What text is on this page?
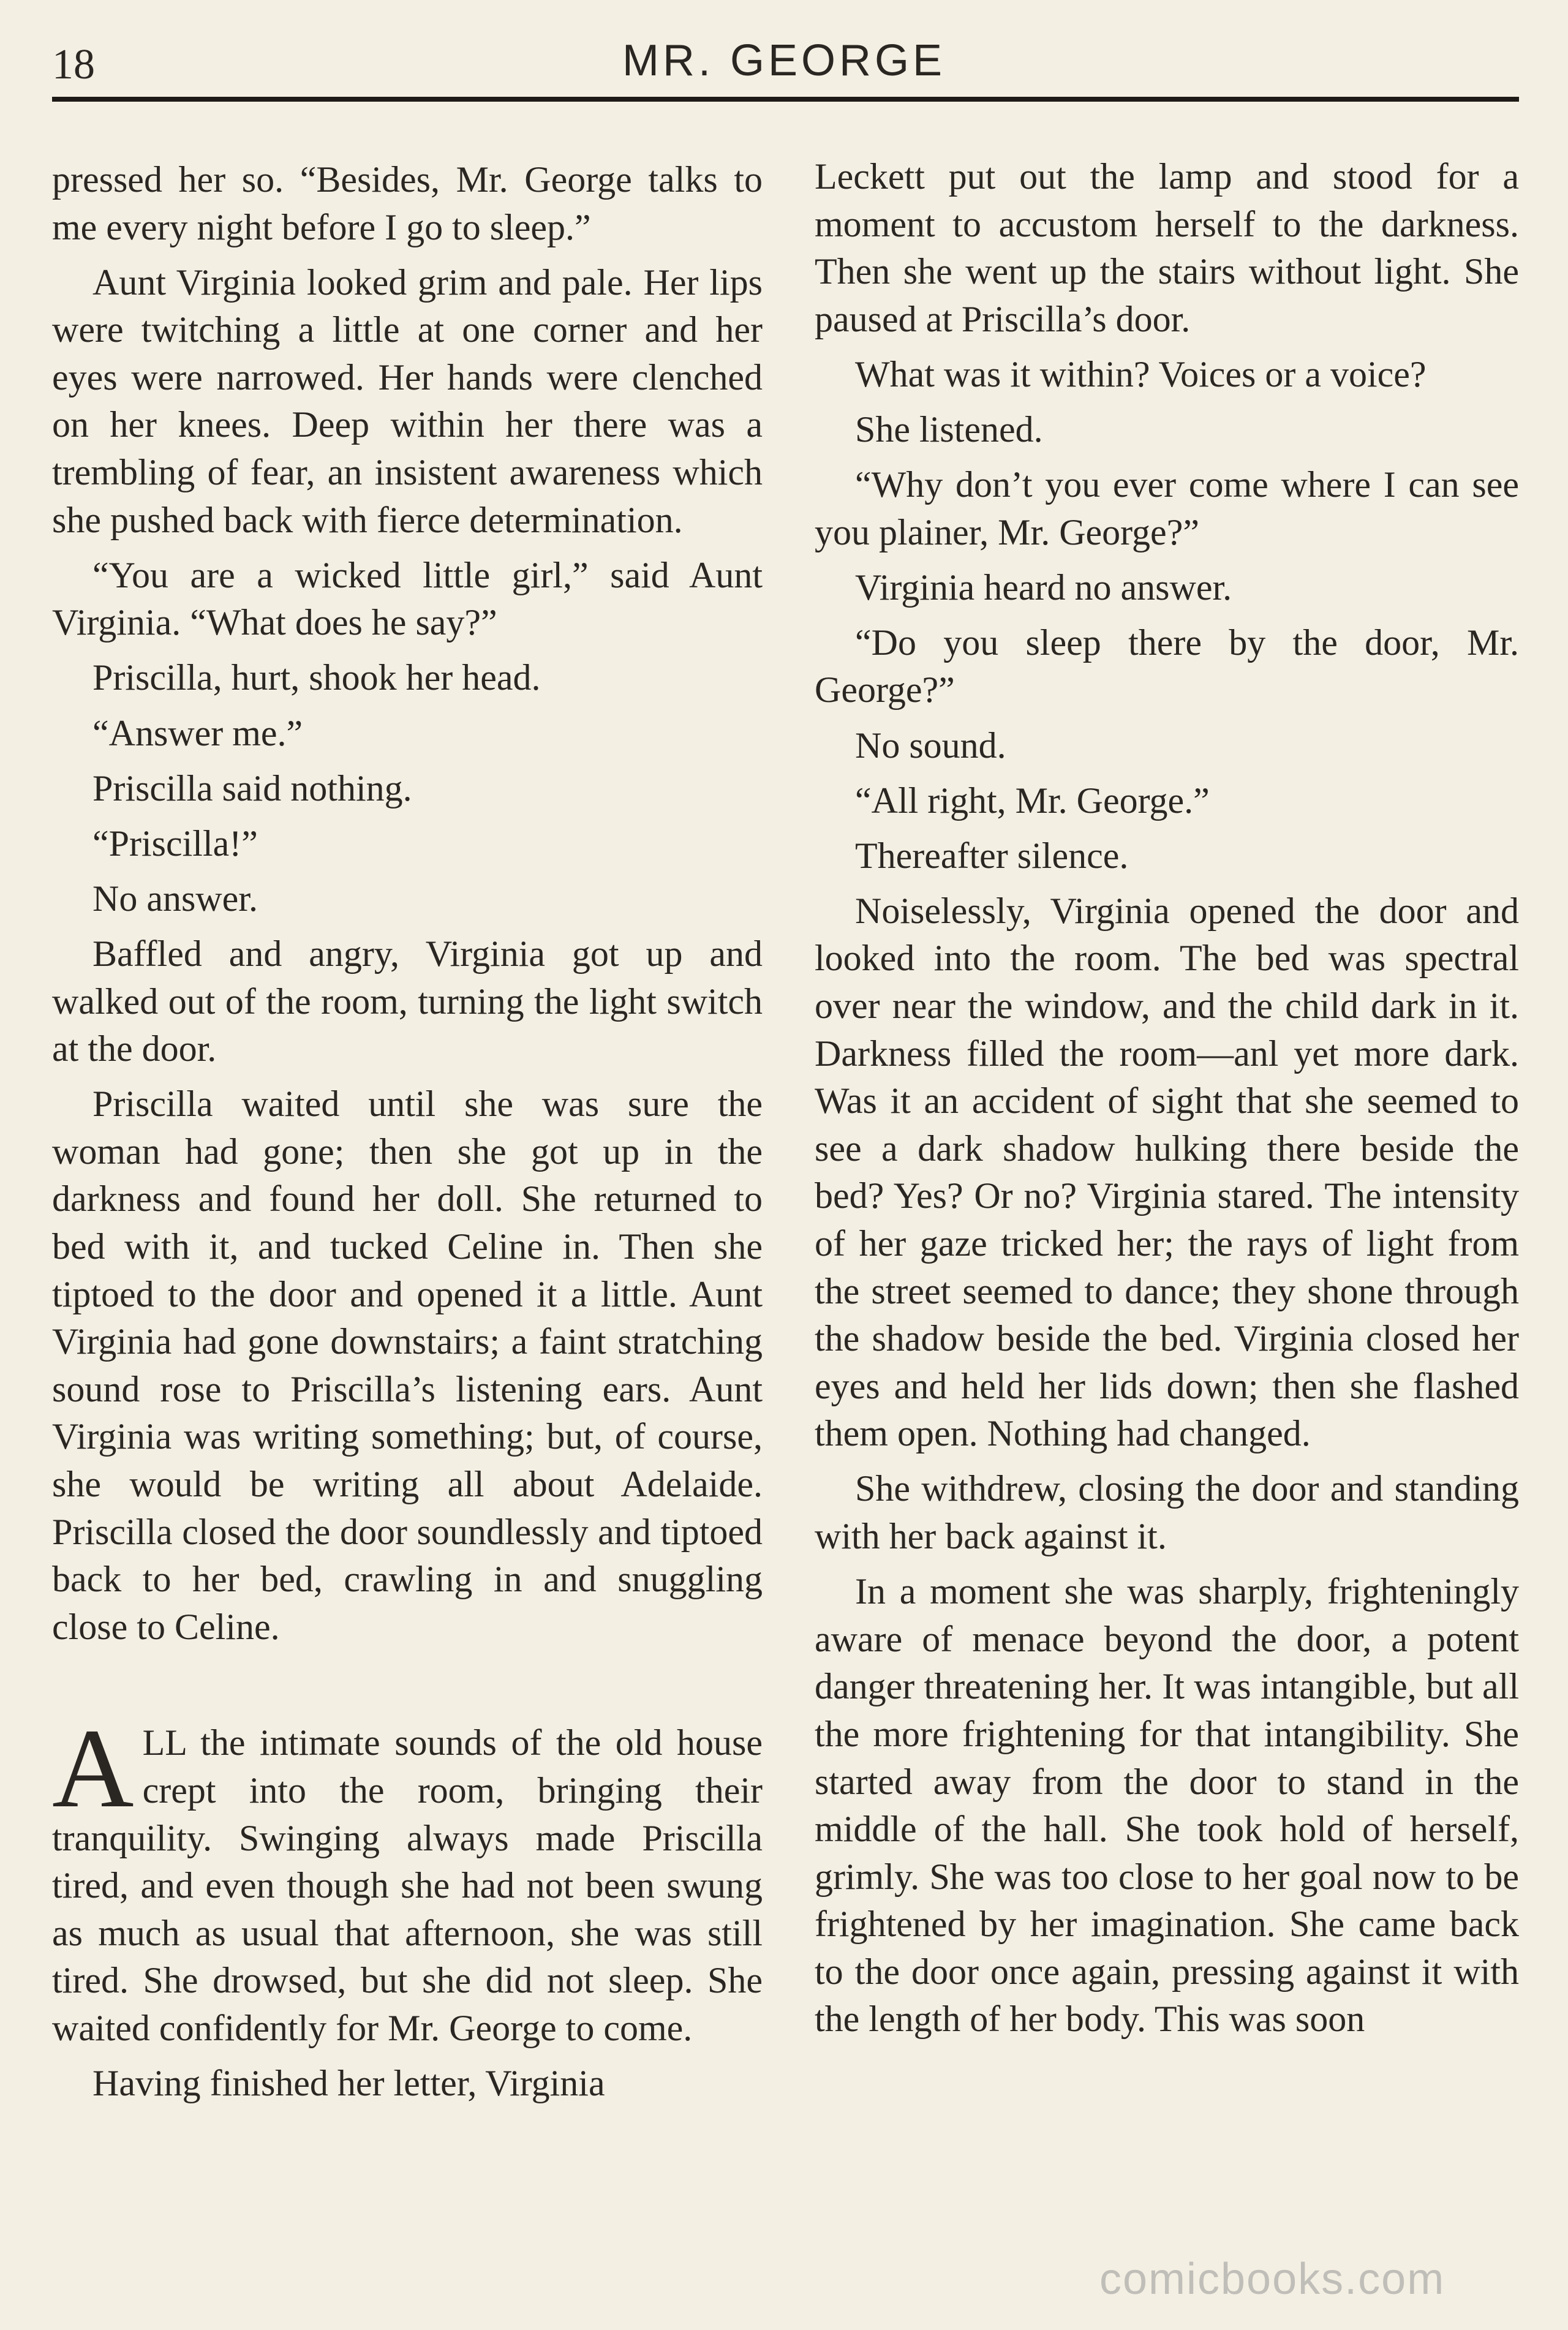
18	MR. GEORGE

pressed her so. “Besides, Mr. George talks to me every night before I go to sleep.”

Aunt Virginia looked grim and pale. Her lips were twitching a little at one corner and her eyes were narrowed. Her hands were clenched on her knees. Deep within her there was a trembling of fear, an insistent awareness which she pushed back with fierce determination.

“You are a wicked little girl,” said Aunt Virginia. “What does he say?”

Priscilla, hurt, shook her head.

“Answer me.”

Priscilla said nothing.

“Priscilla!”

No answer.

Baffled and angry, Virginia got up and walked out of the room, turning the light switch at the door.

Priscilla waited until she was sure the woman had gone; then she got up in the darkness and found her doll. She returned to bed with it, and tucked Celine in. Then she tiptoed to the door and opened it a little. Aunt Virginia had gone downstairs; a faint stratching sound rose to Priscilla’s listening ears. Aunt Virginia was writing something; but, of course, she would be writing all about Adelaide. Priscilla closed the door soundlessly and tiptoed back to her bed, crawling in and snuggling close to Celine.

ALL the intimate sounds of the old house crept into the room, bringing their tranquility. Swinging always made Priscilla tired, and even though she had not been swung as much as usual that afternoon, she was still tired. She drowsed, but she did not sleep. She waited confidently for Mr. George to come.

Having finished her letter, Virginia

Leckett put out the lamp and stood for a moment to accustom herself to the darkness. Then she went up the stairs without light. She paused at Priscilla’s door.

What was it within? Voices or a voice?

She listened.

“Why don’t you ever come where I can see you plainer, Mr. George?”

Virginia heard no answer.

“Do you sleep there by the door, Mr. George?”

No sound.

“All right, Mr. George.”

Thereafter silence.

Noiselessly, Virginia opened the door and looked into the room. The bed was spectral over near the window, and the child dark in it. Darkness filled the room—anl yet more dark. Was it an accident of sight that she seemed to see a dark shadow hulking there beside the bed? Yes? Or no? Virginia stared. The intensity of her gaze tricked her; the rays of light from the street seemed to dance; they shone through the shadow beside the bed. Virginia closed her eyes and held her lids down; then she flashed them open. Nothing had changed.

She withdrew, closing the door and standing with her back against it.

In a moment she was sharply, frighteningly aware of menace beyond the door, a potent danger threatening her. It was intangible, but all the more frightening for that intangibility. She started away from the door to stand in the middle of the hall. She took hold of herself, grimly. She was too close to her goal now to be frightened by her imagination. She came back to the door once again, pressing against it with the length of her body. This was soon

comicbooks.com
